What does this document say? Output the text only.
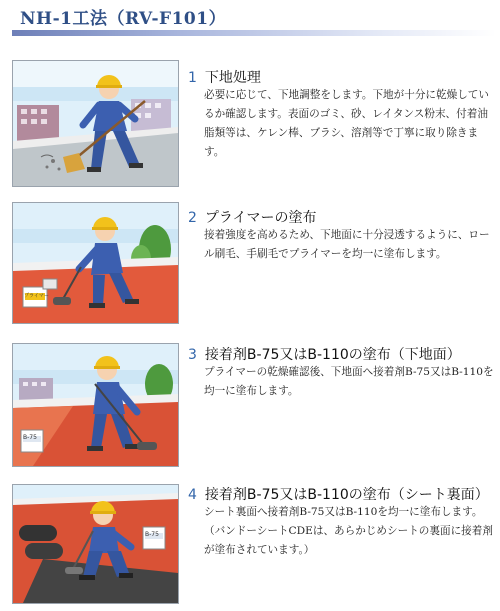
NH-1工法（RV-F101）
1 下地処理
必要に応じて、下地調整をします。下地が十分に乾燥しているか確認します。表面のゴミ、砂、レイタンス粉末、付着油脂類等は、ケレン棒、ブラシ、溶剤等で丁寧に取り除きます。
2 プライマーの塗布
接着強度を高めるため、下地面に十分浸透するように、ロール刷毛、手刷毛でプライマーを均一に塗布します。
3 接着剤B-75又はB-110の塗布（下地面）
プライマーの乾燥確認後、下地面へ接着剤B-75又はB-110を均一に塗布します。
4 接着剤B-75又はB-110の塗布（シート裏面）
シート裏面へ接着剤B-75又はB-110を均一に塗布します。（バンドーシートCDEは、あらかじめシートの裏面に接着剤が塗布されています。）
プライマー
B-75
B-75
